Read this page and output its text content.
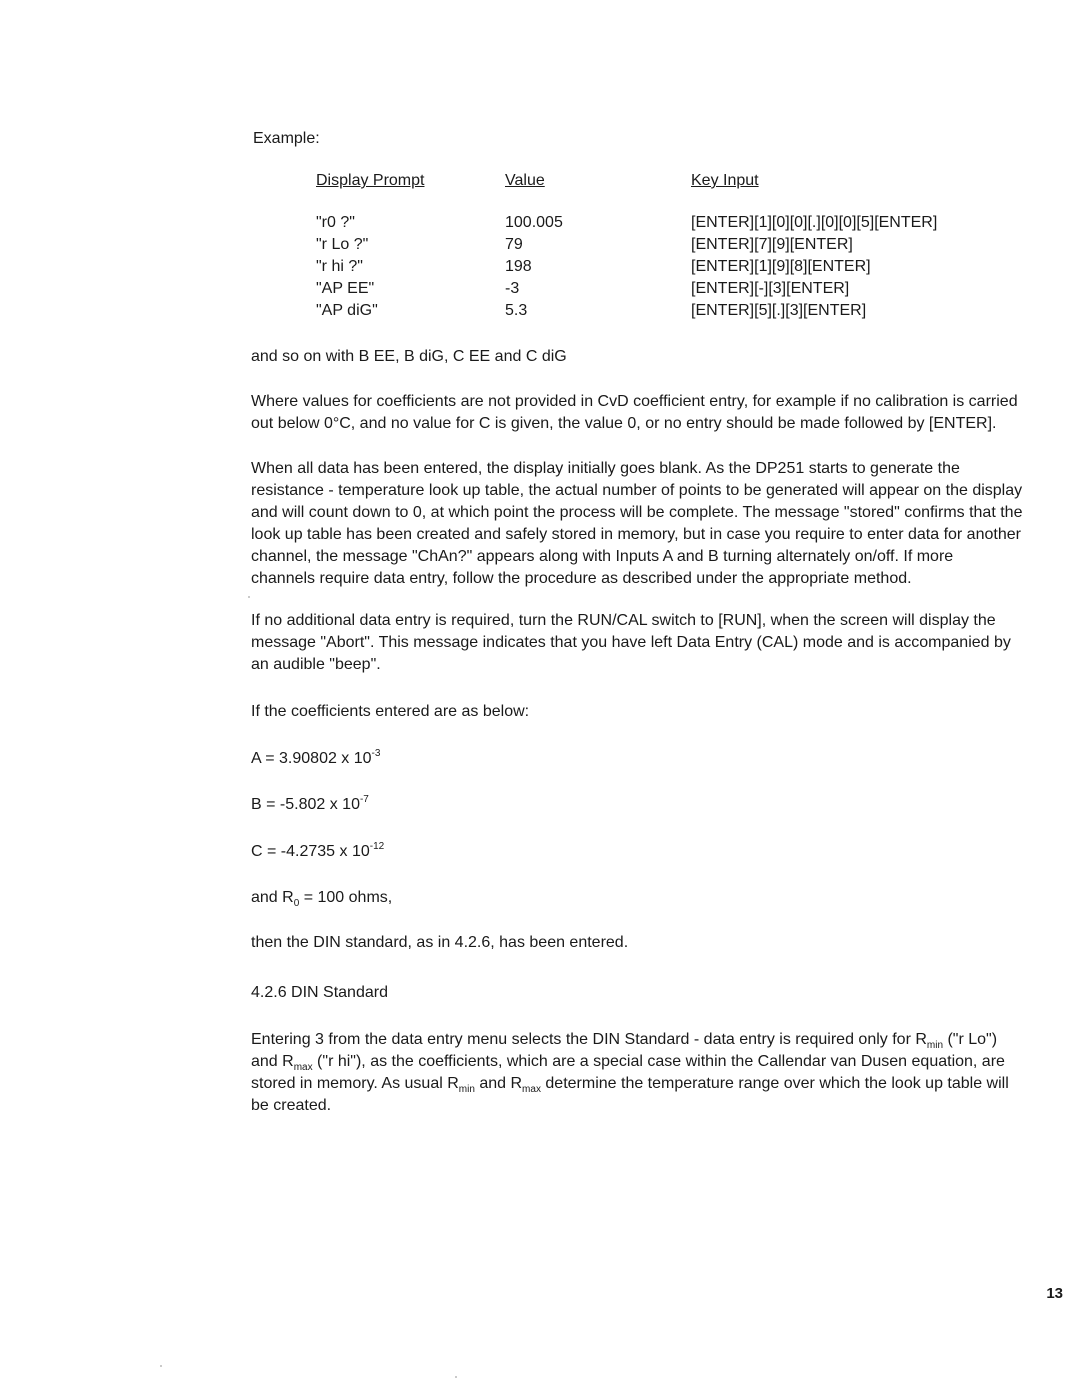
Example:
Display Prompt	Value	Key Input
"r0 ?"	100.005	[ENTER][1][0][0][.][0][0][5][ENTER]
"r Lo ?"	79	[ENTER][7][9][ENTER]
"r hi ?"	198	[ENTER][1][9][8][ENTER]
"AP EE"	-3	[ENTER][-][3][ENTER]
"AP diG"	5.3	[ENTER][5][.][3][ENTER]
and so on with B EE, B diG, C EE and C diG
Where values for coefficients are not provided in CvD coefficient entry, for example if no calibration is carried
out below 0°C, and no value for C is given, the value 0, or no entry should be made followed by [ENTER].
When all data has been entered, the display initially goes blank. As the DP251 starts to generate the
resistance - temperature look up table, the actual number of points to be generated will appear on the display
and will count down to 0, at which point the process will be complete. The message "stored" confirms that the
look up table has been created and safely stored in memory, but in case you require to enter data for another
channel, the message "ChAn?" appears along with Inputs A and B turning alternately on/off. If more
channels require data entry, follow the procedure as described under the appropriate method.
If no additional data entry is required, turn the RUN/CAL switch to [RUN], when the screen will display the
message "Abort". This message indicates that you have left Data Entry (CAL) mode and is accompanied by
an audible "beep".
If the coefficients entered are as below:
A = 3.90802 x $10^{-3}$
B = -5.802 x $10^{-7}$
C = -4.2735 x $10^{-12}$
and $R_0 = 100$ ohms,
then the DIN standard, as in 4.2.6, has been entered.
4.2.6 DIN Standard
Entering 3 from the data entry menu selects the DIN Standard - data entry is required only for $R_{min}$ ("r Lo")
and $R_{max}$ ("r hi"), as the coefficients, which are a special case within the Callendar van Dusen equation, are
stored in memory. As usual $R_{min}$ and $R_{max}$ determine the temperature range over which the look up table will
be created.
13
